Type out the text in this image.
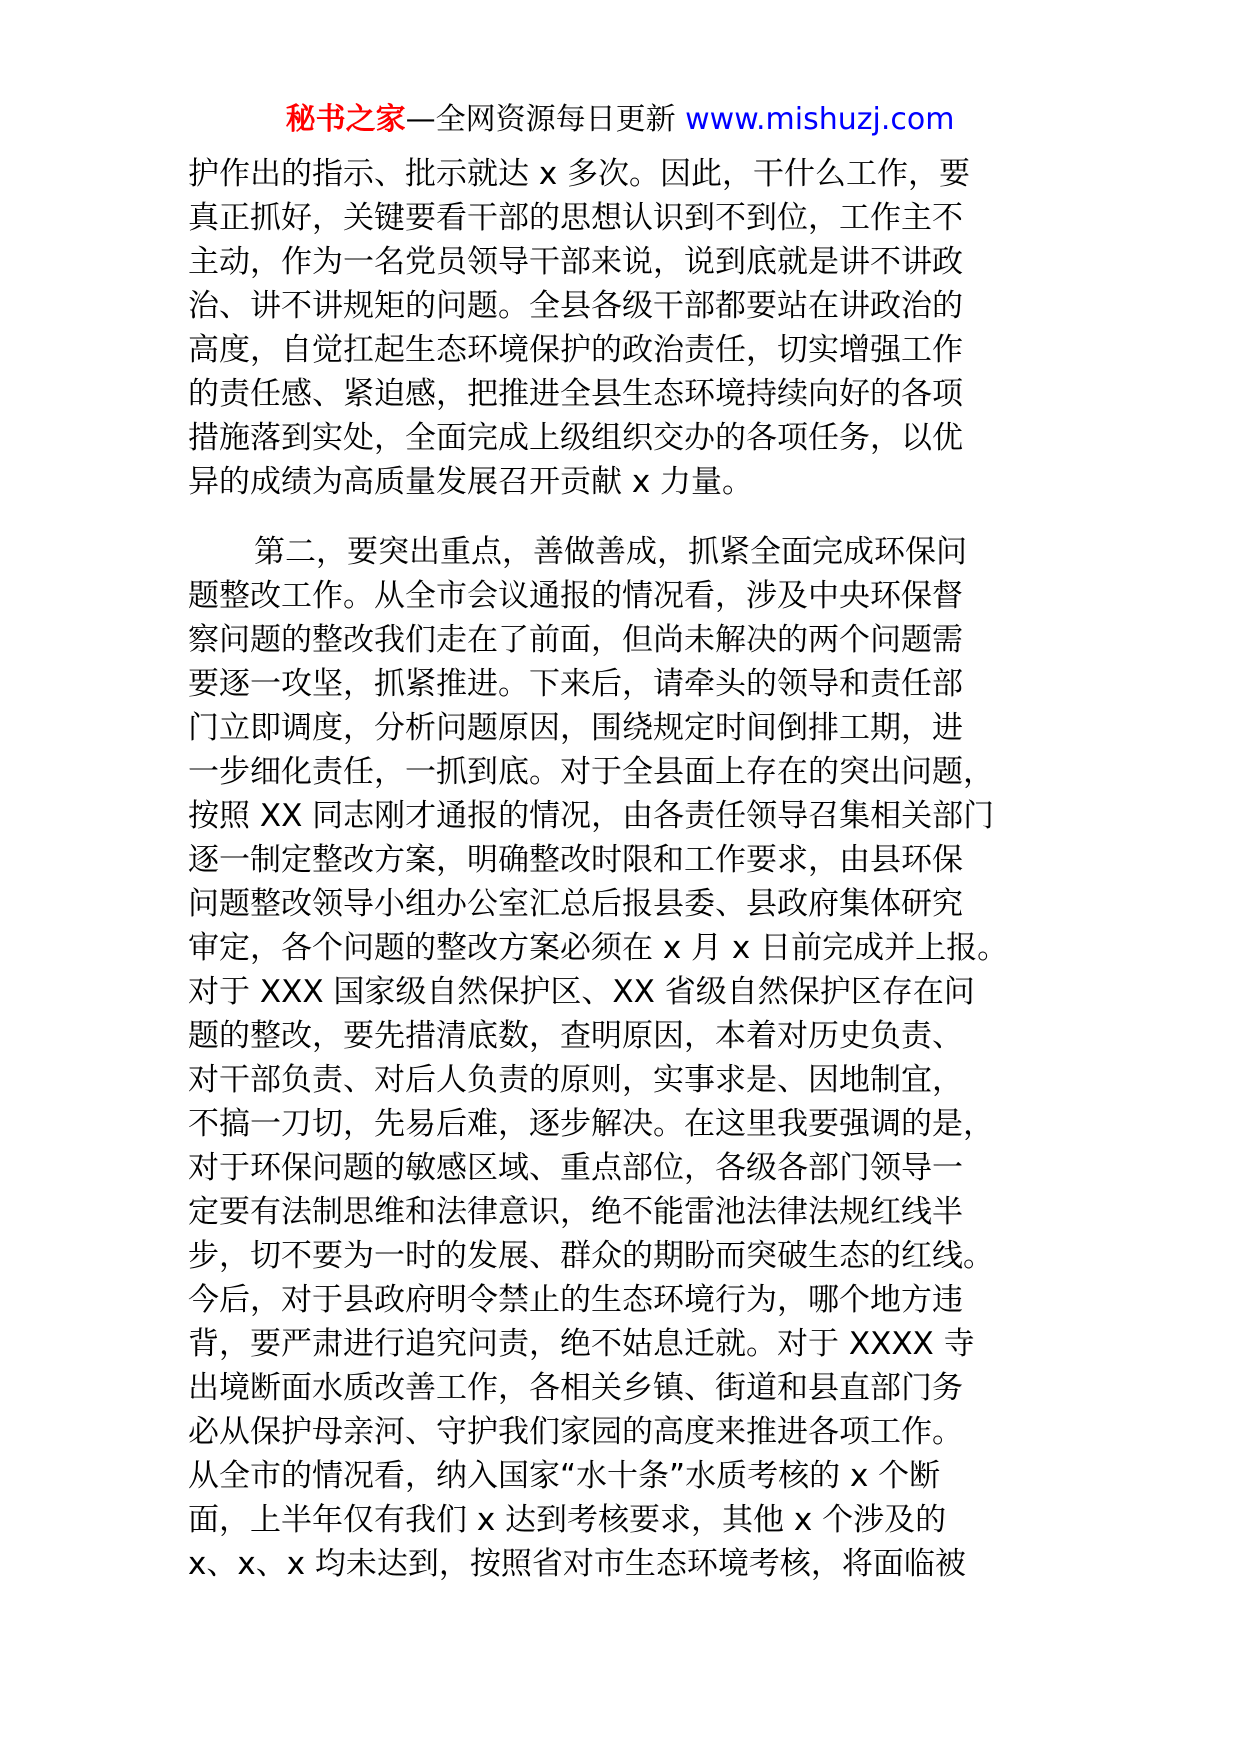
秘书之家—全网资源每日更新 www.mishuzj.com
护作出的指示、批示就达 x 多次。因此，干什么工作，要
真正抓好，关键要看干部的思想认识到不到位，工作主不
主动，作为一名党员领导干部来说，说到底就是讲不讲政
治、讲不讲规矩的问题。全县各级干部都要站在讲政治的
高度，自觉扛起生态环境保护的政治责任，切实增强工作
的责任感、紧迫感，把推进全县生态环境持续向好的各项
措施落到实处，全面完成上级组织交办的各项任务，以优
异的成绩为高质量发展召开贡献 x 力量。
第二，要突出重点，善做善成，抓紧全面完成环保问
题整改工作。从全市会议通报的情况看，涉及中央环保督
察问题的整改我们走在了前面，但尚未解决的两个问题需
要逐一攻坚，抓紧推进。下来后，请牵头的领导和责任部
门立即调度，分析问题原因，围绕规定时间倒排工期，进
一步细化责任，一抓到底。对于全县面上存在的突出问题，
按照 XX 同志刚才通报的情况，由各责任领导召集相关部门
逐一制定整改方案，明确整改时限和工作要求，由县环保
问题整改领导小组办公室汇总后报县委、县政府集体研究
审定，各个问题的整改方案必须在 x 月 x 日前完成并上报。
对于 XXX 国家级自然保护区、XX 省级自然保护区存在问
题的整改，要先措清底数，查明原因，本着对历史负责、
对干部负责、对后人负责的原则，实事求是、因地制宜，
不搞一刀切，先易后难，逐步解决。在这里我要强调的是，
对于环保问题的敏感区域、重点部位，各级各部门领导一
定要有法制思维和法律意识，绝不能雷池法律法规红线半
步，切不要为一时的发展、群众的期盼而突破生态的红线。
今后，对于县政府明令禁止的生态环境行为，哪个地方违
背，要严肃进行追究问责，绝不姑息迁就。对于 XXXX 寺
出境断面水质改善工作，各相关乡镇、街道和县直部门务
必从保护母亲河、守护我们家园的高度来推进各项工作。
从全市的情况看，纳入国家“水十条”水质考核的 x 个断
面，上半年仅有我们 x 达到考核要求，其他 x 个涉及的
x、x、x 均未达到，按照省对市生态环境考核，将面临被
